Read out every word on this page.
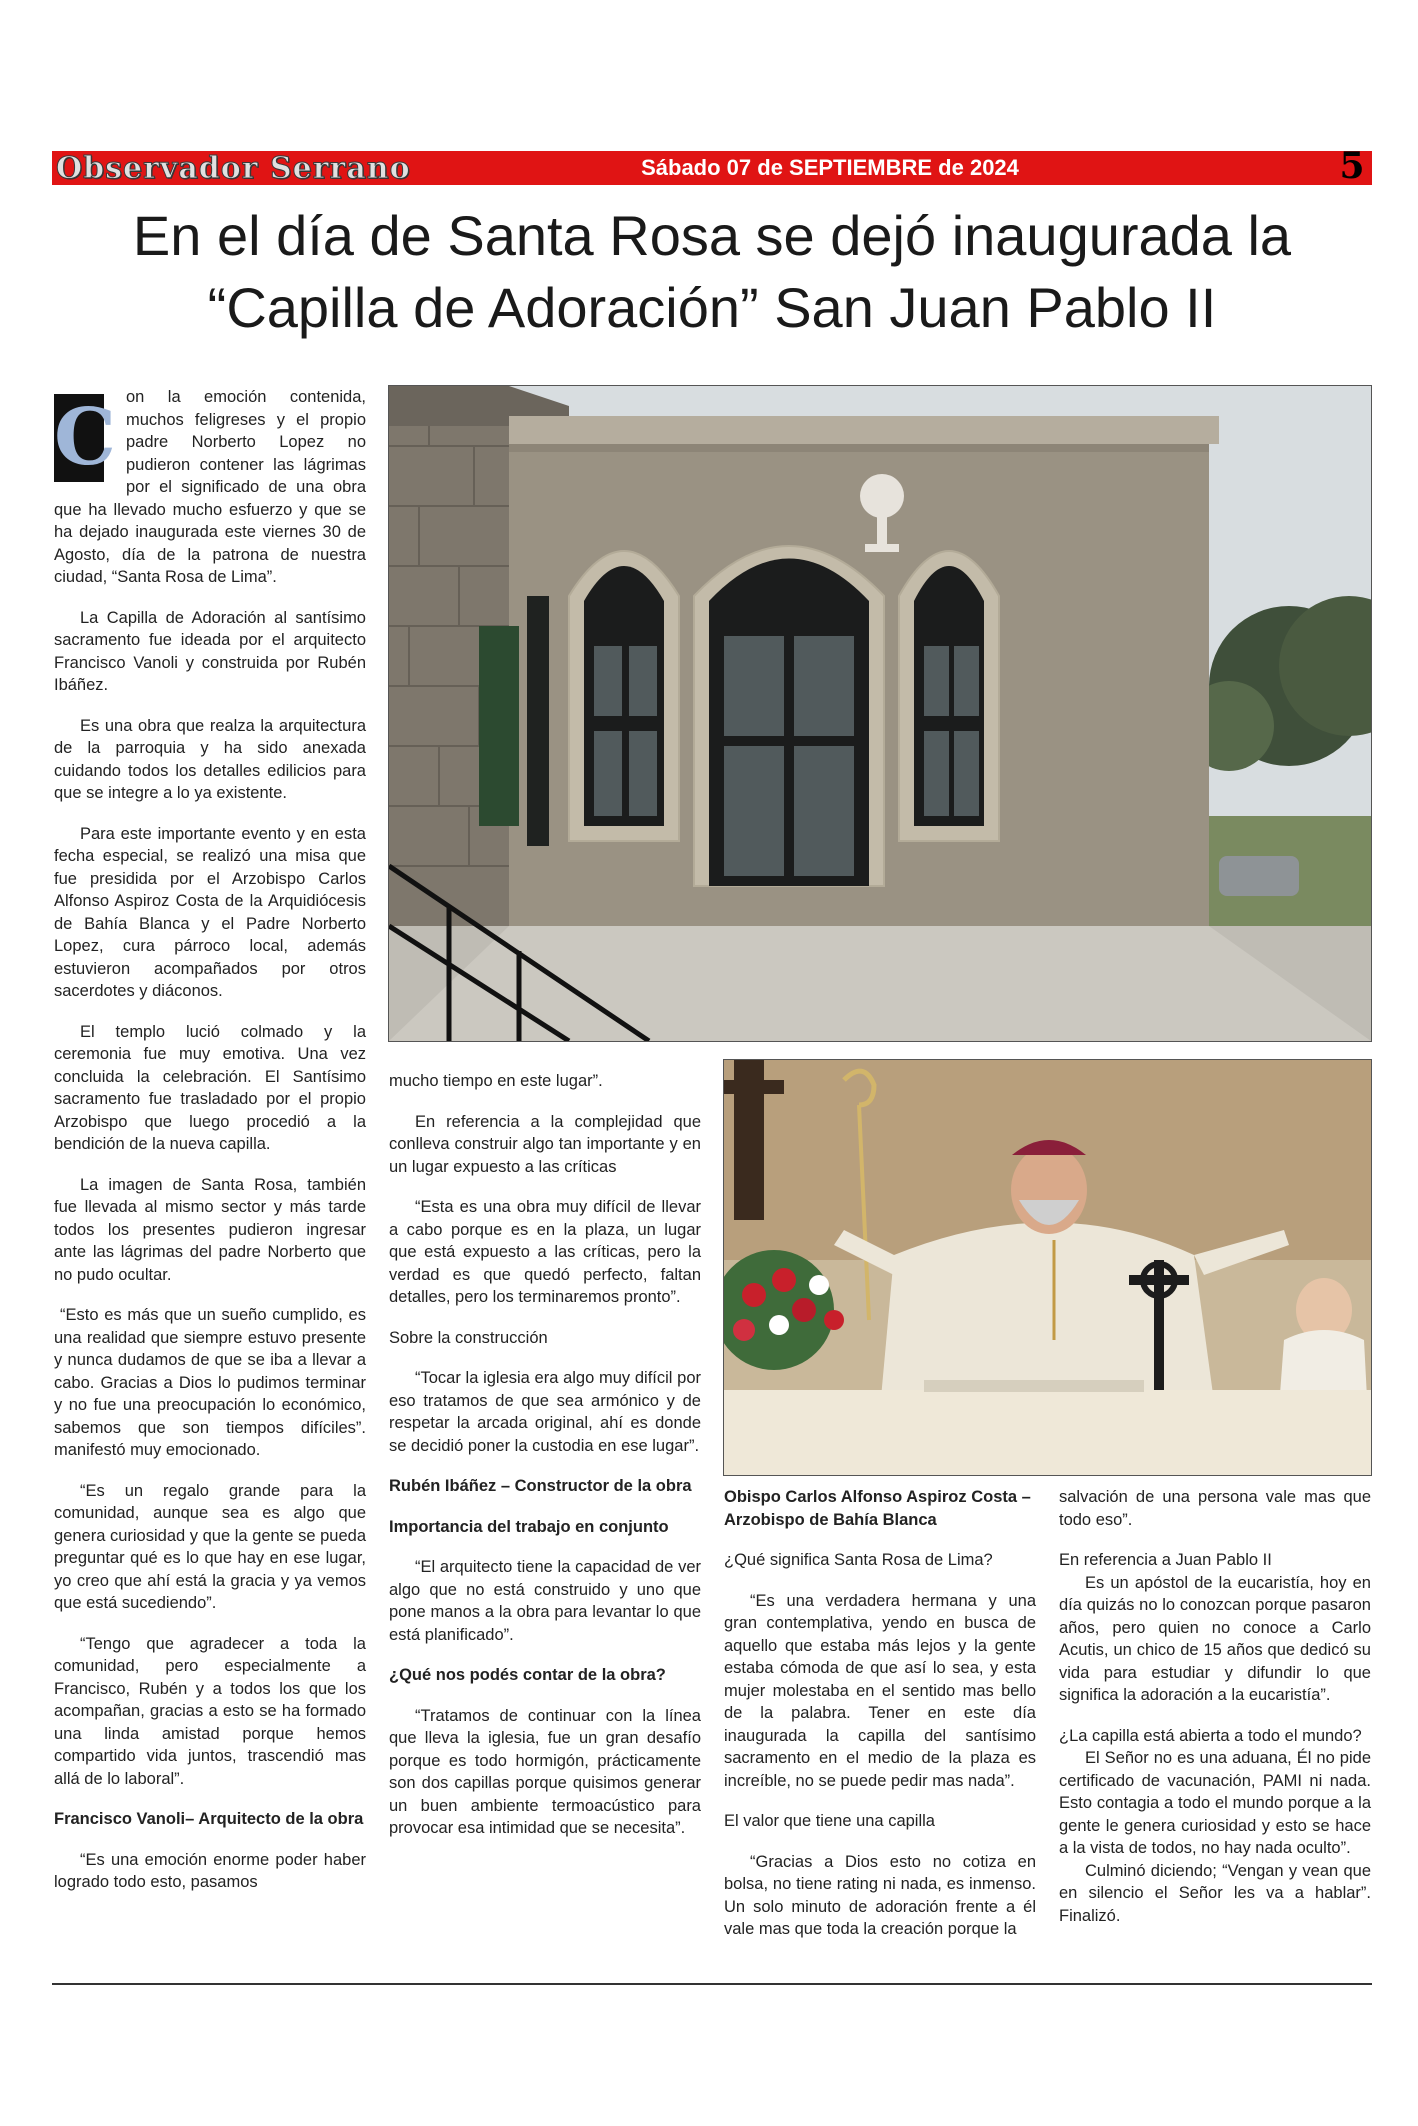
Observador Serrano	Sábado 07 de SEPTIEMBRE de 2024	5
En el día de Santa Rosa se dejó inaugurada la
“Capilla de Adoración” San Juan Pablo II

C on la emoción contenida, muchos feligreses y el propio padre Norberto Lopez no pudieron contener las lágrimas por el significado de una obra que ha llevado mucho esfuerzo y que se ha dejado inaugurada este viernes 30 de Agosto, día de la patrona de nuestra ciudad, “Santa Rosa de Lima”.

La Capilla de Adoración al santísimo sacramento fue ideada por el arquitecto Francisco Vanoli y construida por Rubén Ibáñez.

Es una obra que realza la arquitectura de la parroquia y ha sido anexada cuidando todos los detalles edilicios para que se integre a lo ya existente.

Para este importante evento y en esta fecha especial, se realizó una misa que fue presidida por el Arzobispo Carlos Alfonso Aspiroz Costa de la Arquidiócesis de Bahía Blanca y el Padre Norberto Lopez, cura párroco local, además estuvieron acompañados por otros sacerdotes y diáconos.

El templo lució colmado y la ceremonia fue muy emotiva. Una vez concluida la celebración. El Santísimo sacramento fue trasladado por el propio Arzobispo que luego procedió a la bendición de la nueva capilla.

La imagen de Santa Rosa, también fue llevada al mismo sector y más tarde todos los presentes pudieron ingresar ante las lágrimas del padre Norberto que no pudo ocultar.

“Esto es más que un sueño cumplido, es una realidad que siempre estuvo presente y nunca dudamos de que se iba a llevar a cabo. Gracias a Dios lo pudimos terminar y no fue una preocupación lo económico, sabemos que son tiempos difíciles”. manifestó muy emocionado.

“Es un regalo grande para la comunidad, aunque sea es algo que genera curiosidad y que la gente se pueda preguntar qué es lo que hay en ese lugar, yo creo que ahí está la gracia y ya vemos que está sucediendo”.

“Tengo que agradecer a toda la comunidad, pero especialmente a Francisco, Rubén y a todos los que los acompañan, gracias a esto se ha formado una linda amistad porque hemos compartido vida juntos, trascendió mas allá de lo laboral”.

Francisco Vanoli– Arquitecto de la obra

“Es una emoción enorme poder haber logrado todo esto, pasamos

mucho tiempo en este lugar”.

En referencia a la complejidad que conlleva construir algo tan importante y en un lugar expuesto a las críticas

“Esta es una obra muy difícil de llevar a cabo porque es en la plaza, un lugar que está expuesto a las críticas, pero la verdad es que quedó perfecto, faltan detalles, pero los terminaremos pronto”.

Sobre la construcción

“Tocar la iglesia era algo muy difícil por eso tratamos de que sea armónico y de respetar la arcada original, ahí es donde se decidió poner la custodia en ese lugar”.

Rubén Ibáñez – Constructor de la obra

Importancia del trabajo en conjunto

“El arquitecto tiene la capacidad de ver algo que no está construido y uno que pone manos a la obra para levantar lo que está planificado”.

¿Qué nos podés contar de la obra?

“Tratamos de continuar con la línea que lleva la iglesia, fue un gran desafío porque es todo hormigón, prácticamente son dos capillas porque quisimos generar un buen ambiente termoacústico para provocar esa intimidad que se necesita”.

Obispo Carlos Alfonso Aspiroz Costa – Arzobispo de Bahía Blanca

¿Qué significa Santa Rosa de Lima?

“Es una verdadera hermana y una gran contemplativa, yendo en busca de aquello que estaba más lejos y la gente estaba cómoda de que así lo sea, y esta mujer molestaba en el sentido mas bello de la palabra. Tener en este día inaugurada la capilla del santísimo sacramento en el medio de la plaza es increíble, no se puede pedir mas nada”.

El valor que tiene una capilla

“Gracias a Dios esto no cotiza en bolsa, no tiene rating ni nada, es inmenso. Un solo minuto de adoración frente a él vale mas que toda la creación porque la

salvación de una persona vale mas que todo eso”.

En referencia a Juan Pablo II

Es un apóstol de la eucaristía, hoy en día quizás no lo conozcan porque pasaron años, pero quien no conoce a Carlo Acutis, un chico de 15 años que dedicó su vida para estudiar y difundir lo que significa la adoración a la eucaristía”.

¿La capilla está abierta a todo el mundo?

El Señor no es una aduana, Él no pide certificado de vacunación, PAMI ni nada. Esto contagia a todo el mundo porque a la gente le genera curiosidad y esto se hace a la vista de todos, no hay nada oculto”.

Culminó diciendo; “Vengan y vean que en silencio el Señor les va a hablar”. Finalizó.
